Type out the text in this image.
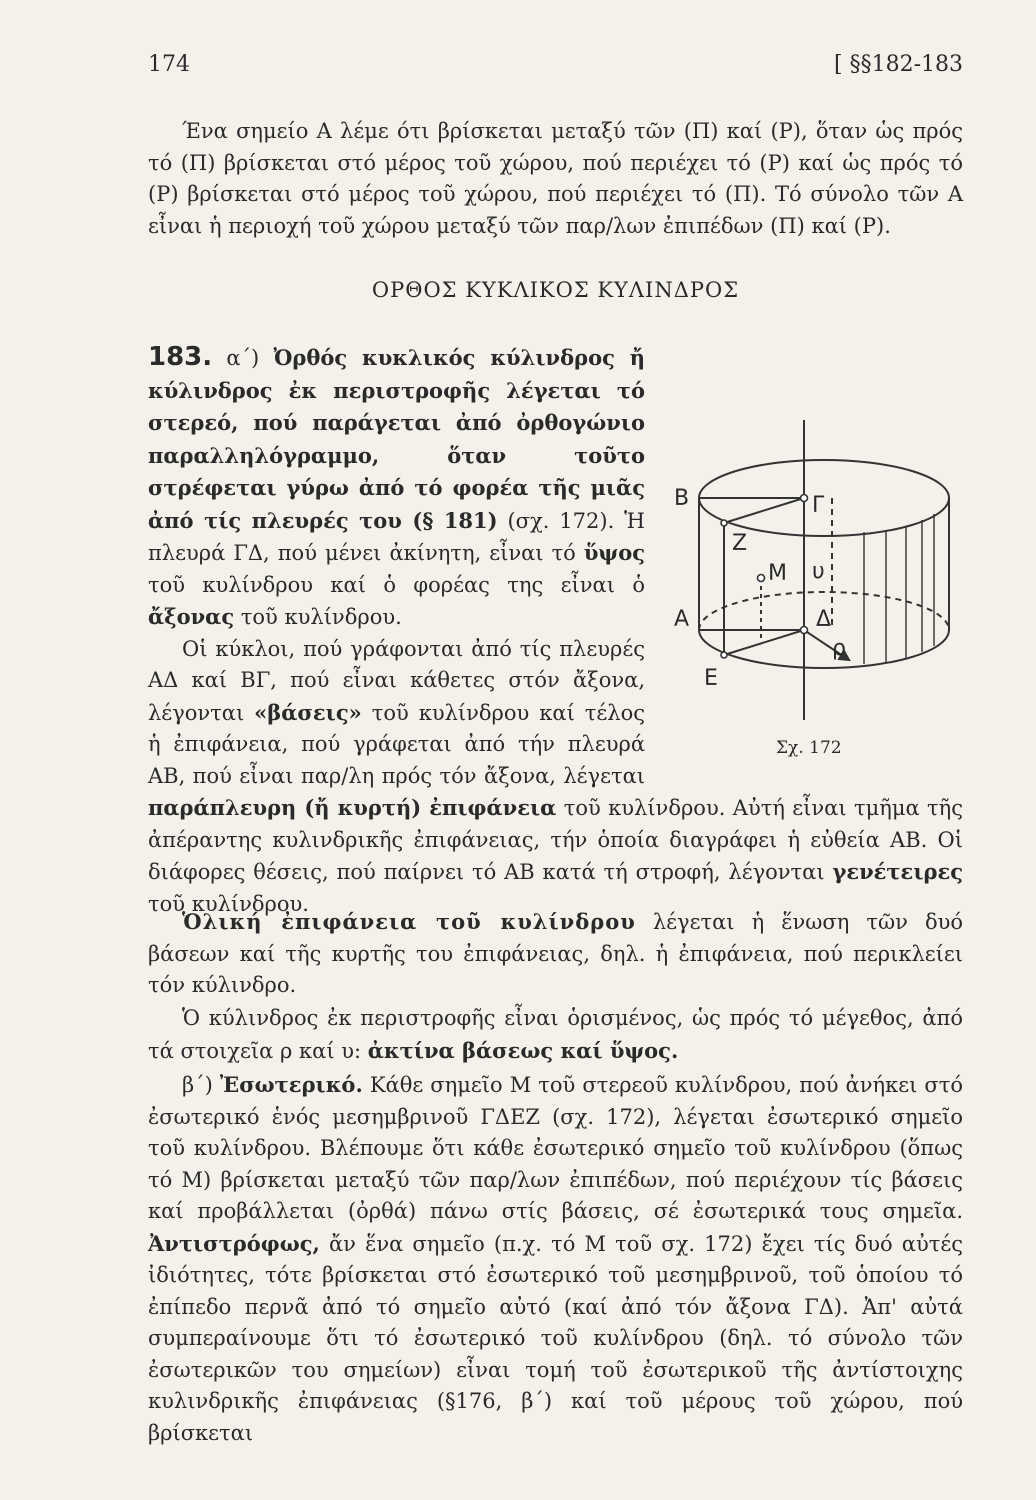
174	[ §§182-183
Ένα σημείο Α λέμε ότι βρίσκεται μεταξύ τῶν (Π) καί (Ρ), ὅταν ὡς πρός τό (Π) βρίσκεται στό μέρος τοῦ χώρου, πού περιέχει τό (Ρ) καί ὡς πρός τό (Ρ) βρίσκεται στό μέρος τοῦ χώρου, πού περιέχει τό (Π). Τό σύνολο τῶν Α εἶναι ἡ περιοχή τοῦ χώρου μεταξύ τῶν παρ/λων ἐπιπέδων (Π) καί (Ρ).
ΟΡΘΟΣ ΚΥΚΛΙΚΟΣ ΚΥΛΙΝΔΡΟΣ
183. α΄) Ὀρθός κυκλικός κύλινδρος ἤ κύλινδρος ἐκ περιστροφῆς λέγεται τό στερεό, πού παράγεται ἀπό ὀρθογώνιο παραλληλόγραμμο, ὅταν τοῦτο στρέφεται γύρω ἀπό τό φορέα τῆς μιᾶς ἀπό τίς πλευρές του (§ 181) (σχ. 172). Ἡ πλευρά ΓΔ, πού μένει ἀκίνητη, εἶναι τό ὕψος τοῦ κυλίνδρου καί ὁ φορέας της εἶναι ὁ ἄξονας τοῦ κυλίνδρου.
Οἱ κύκλοι, πού γράφονται ἀπό τίς πλευρές ΑΔ καί ΒΓ, πού εἶναι κάθετες στόν ἄξονα, λέγονται «βάσεις» τοῦ κυλίνδρου καί τέλος ἡ ἐπιφάνεια, πού γράφεται ἀπό τήν πλευρά ΑΒ, πού εἶναι παρ/λη πρός τόν ἄξονα, λέγεται παράπλευρη (ἤ κυρτή) ἐπιφάνεια τοῦ κυλίνδρου. Αὐτή εἶναι τμῆμα τῆς ἀπέραντης κυλινδρικῆς ἐπιφάνειας, τήν ὁποία διαγράφει ἡ εὐθεία ΑΒ. Οἱ διάφορες θέσεις, πού παίρνει τό ΑΒ κατά τή στροφή, λέγονται γενέτειρες τοῦ κυλίνδρου.
Β	Γ
Ζ
Μ υ
Α	Δ
ρ
Ε
Σχ. 172
Ὁλική ἐπιφάνεια τοῦ κυλίνδρου λέγεται ἡ ἕνωση τῶν δυό βάσεων καί τῆς κυρτῆς του ἐπιφάνειας, δηλ. ἡ ἐπιφάνεια, πού περικλείει τόν κύλινδρο.
Ὁ κύλινδρος ἐκ περιστροφῆς εἶναι ὁρισμένος, ὡς πρός τό μέγεθος, ἀπό τά στοιχεῖα ρ καί υ: ἀκτίνα βάσεως καί ὕψος.
β΄) Ἐσωτερικό. Κάθε σημεῖο Μ τοῦ στερεοῦ κυλίνδρου, πού ἀνήκει στό ἐσωτερικό ἑνός μεσημβρινοῦ ΓΔΕΖ (σχ. 172), λέγεται ἐσωτερικό σημεῖο τοῦ κυλίνδρου. Βλέπουμε ὅτι κάθε ἐσωτερικό σημεῖο τοῦ κυλίνδρου (ὅπως τό Μ) βρίσκεται μεταξύ τῶν παρ/λων ἐπιπέδων, πού περιέχουν τίς βάσεις καί προβάλλεται (ὀρθά) πάνω στίς βάσεις, σέ ἐσωτερικά τους σημεῖα. Ἀντιστρόφως, ἄν ἕνα σημεῖο (π.χ. τό Μ τοῦ σχ. 172) ἔχει τίς δυό αὐτές ἰδιότητες, τότε βρίσκεται στό ἐσωτερικό τοῦ μεσημβρινοῦ, τοῦ ὁποίου τό ἐπίπεδο περνᾶ ἀπό τό σημεῖο αὐτό (καί ἀπό τόν ἄξονα ΓΔ). Ἀπ' αὐτά συμπεραίνουμε ὅτι τό ἐσωτερικό τοῦ κυλίνδρου (δηλ. τό σύνολο τῶν ἐσωτερικῶν του σημείων) εἶναι τομή τοῦ ἐσωτερικοῦ τῆς ἀντίστοιχης κυλινδρικῆς ἐπιφάνειας (§176, β΄) καί τοῦ μέρους τοῦ χώρου, πού βρίσκεται
